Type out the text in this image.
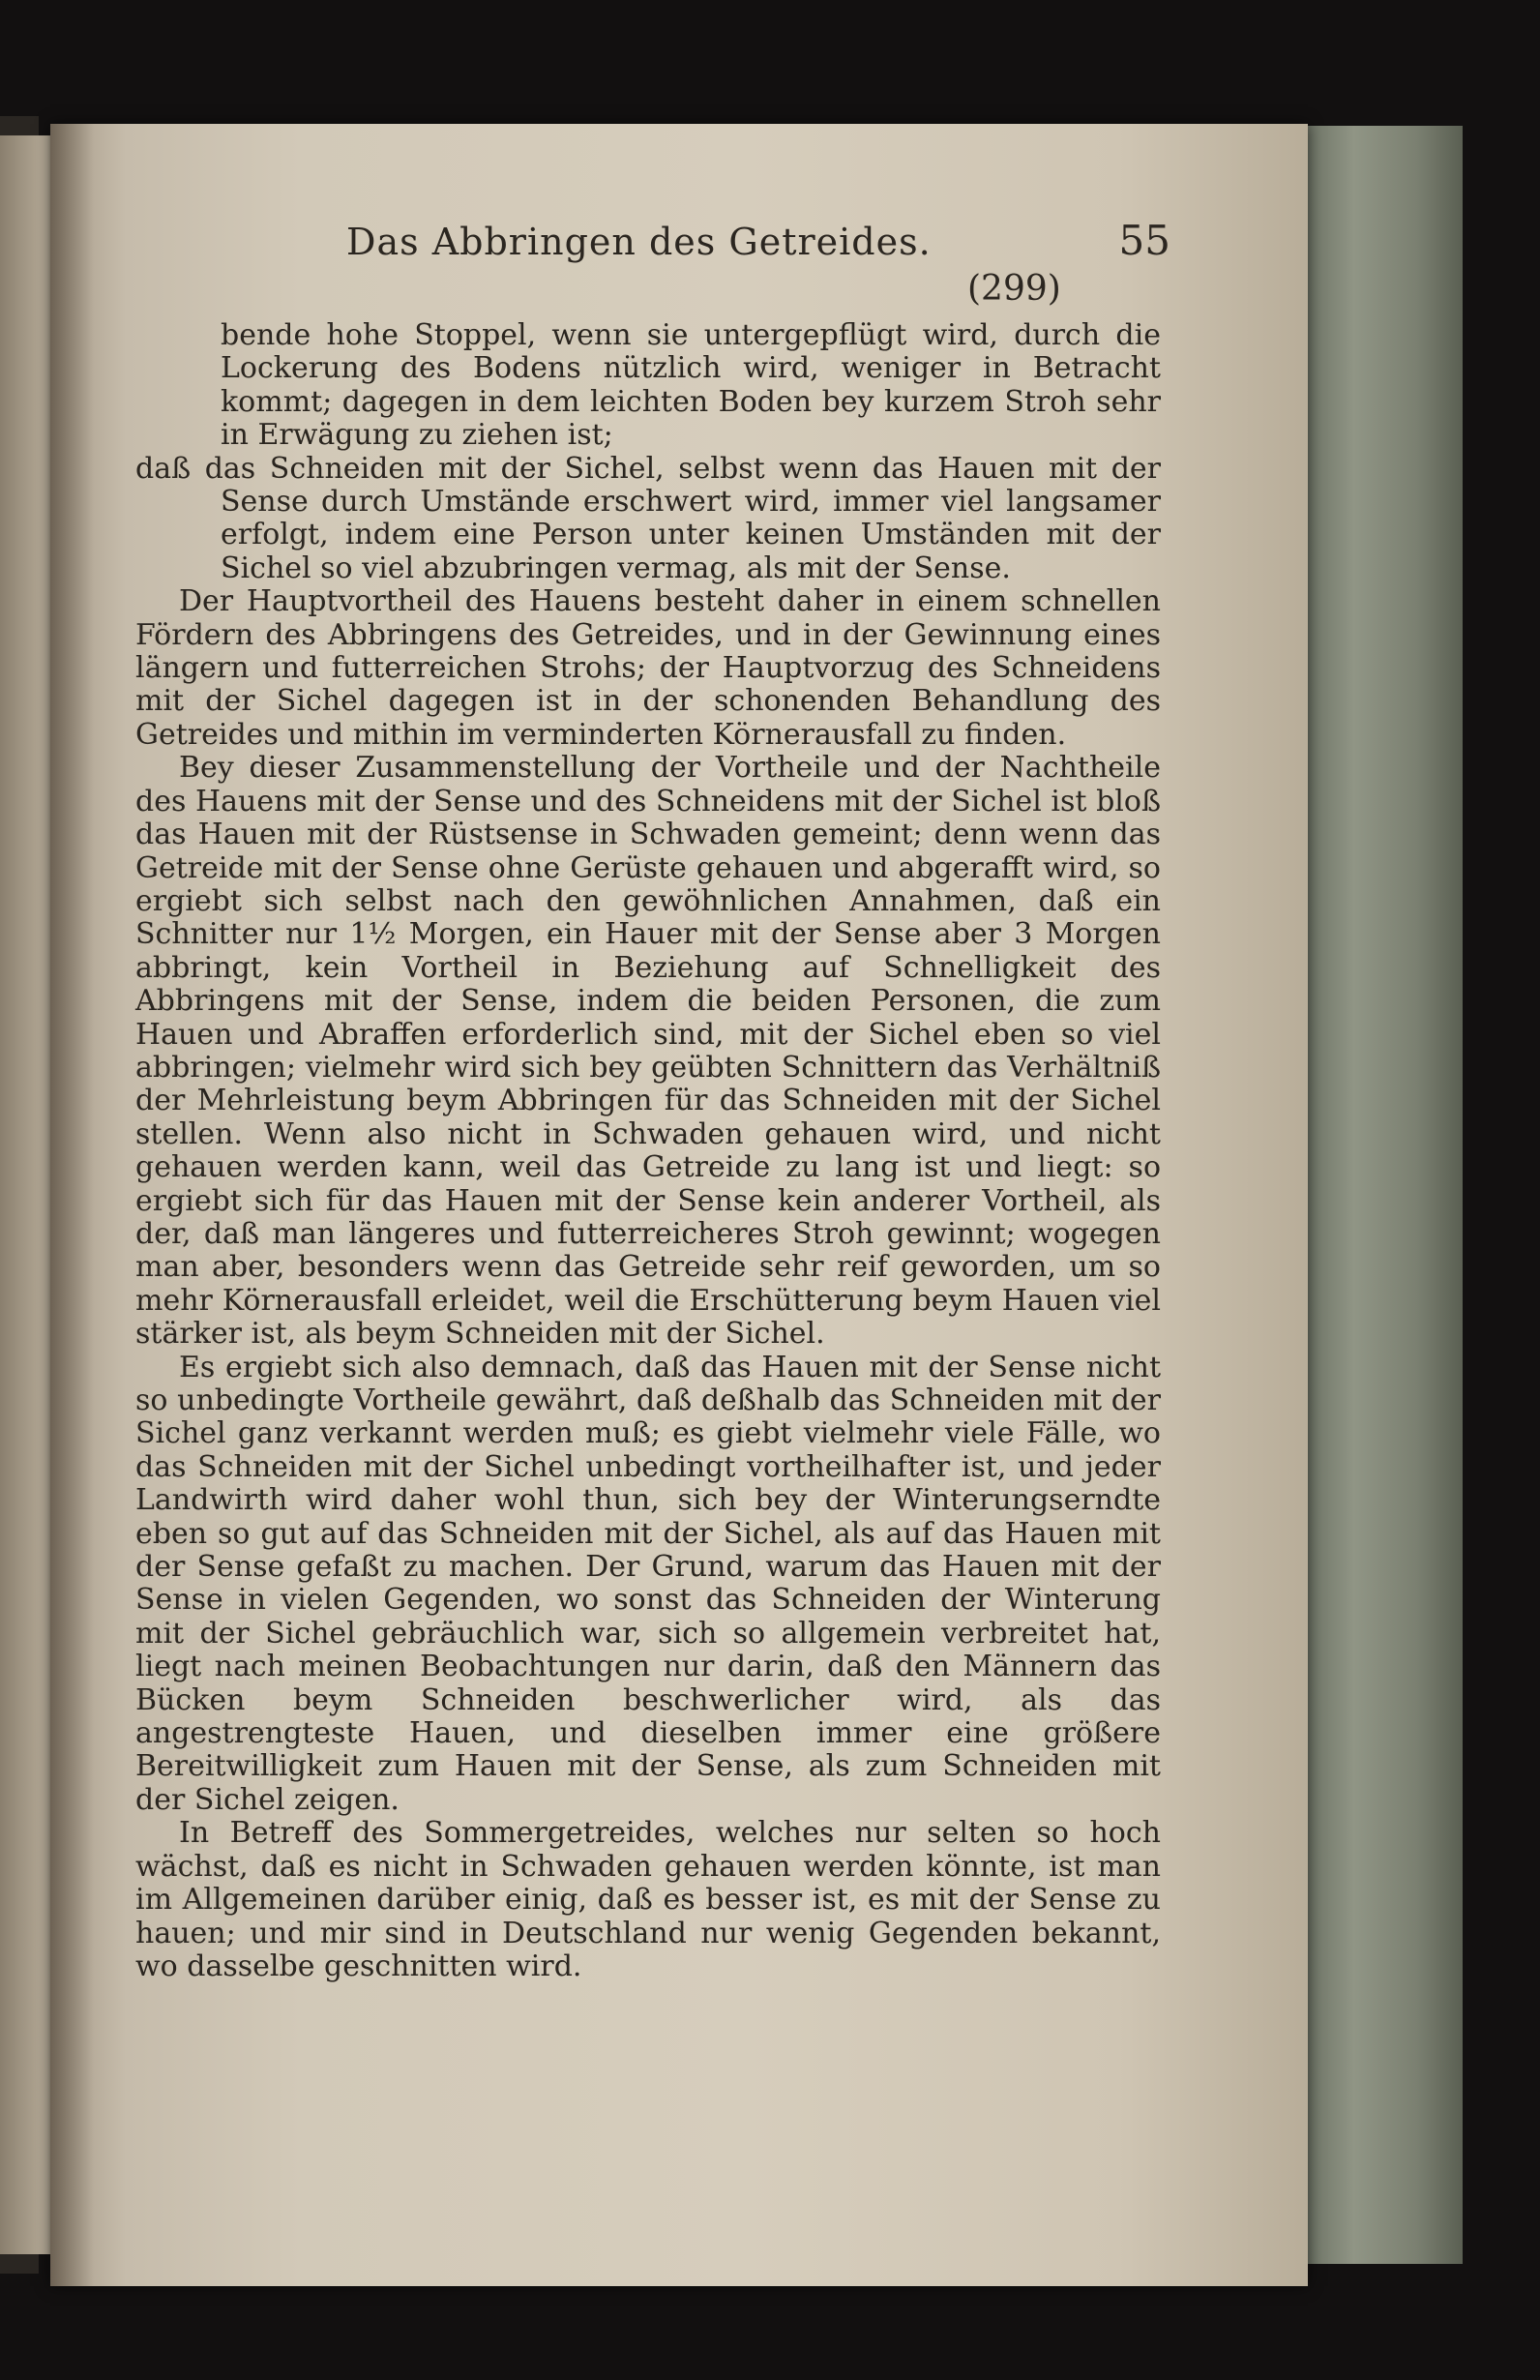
Das Abbringen des Getreides.	55
(299)

bende hohe Stoppel, wenn sie untergepflügt wird, durch die Lockerung des Bodens nützlich wird, weniger in Betracht kommt; dagegen in dem leichten Boden bey kurzem Stroh sehr in Erwägung zu ziehen ist;

daß das Schneiden mit der Sichel, selbst wenn das Hauen mit der Sense durch Umstände erschwert wird, immer viel langsamer erfolgt, indem eine Person unter keinen Umständen mit der Sichel so viel abzubringen vermag, als mit der Sense.

Der Hauptvortheil des Hauens besteht daher in einem schnellen Fördern des Abbringens des Getreides, und in der Gewinnung eines längern und futterreichen Strohs; der Hauptvorzug des Schneidens mit der Sichel dagegen ist in der schonenden Behandlung des Getreides und mithin im verminderten Körnerausfall zu finden.

Bey dieser Zusammenstellung der Vortheile und der Nachtheile des Hauens mit der Sense und des Schneidens mit der Sichel ist bloß das Hauen mit der Rüstsense in Schwaden gemeint; denn wenn das Getreide mit der Sense ohne Gerüste gehauen und abgerafft wird, so ergiebt sich selbst nach den gewöhnlichen Annahmen, daß ein Schnitter nur 1½ Morgen, ein Hauer mit der Sense aber 3 Morgen abbringt, kein Vortheil in Beziehung auf Schnelligkeit des Abbringens mit der Sense, indem die beiden Personen, die zum Hauen und Abraffen erforderlich sind, mit der Sichel eben so viel abbringen; vielmehr wird sich bey geübten Schnittern das Verhältniß der Mehrleistung beym Abbringen für das Schneiden mit der Sichel stellen. Wenn also nicht in Schwaden gehauen wird, und nicht gehauen werden kann, weil das Getreide zu lang ist und liegt: so ergiebt sich für das Hauen mit der Sense kein anderer Vortheil, als der, daß man längeres und futterreicheres Stroh gewinnt; wogegen man aber, besonders wenn das Getreide sehr reif geworden, um so mehr Körnerausfall erleidet, weil die Erschütterung beym Hauen viel stärker ist, als beym Schneiden mit der Sichel.

Es ergiebt sich also demnach, daß das Hauen mit der Sense nicht so unbedingte Vortheile gewährt, daß deßhalb das Schneiden mit der Sichel ganz verkannt werden muß; es giebt vielmehr viele Fälle, wo das Schneiden mit der Sichel unbedingt vortheilhafter ist, und jeder Landwirth wird daher wohl thun, sich bey der Winterungserndte eben so gut auf das Schneiden mit der Sichel, als auf das Hauen mit der Sense gefaßt zu machen. Der Grund, warum das Hauen mit der Sense in vielen Gegenden, wo sonst das Schneiden der Winterung mit der Sichel gebräuchlich war, sich so allgemein verbreitet hat, liegt nach meinen Beobachtungen nur darin, daß den Männern das Bücken beym Schneiden beschwerlicher wird, als das angestrengteste Hauen, und dieselben immer eine größere Bereitwilligkeit zum Hauen mit der Sense, als zum Schneiden mit der Sichel zeigen.

In Betreff des Sommergetreides, welches nur selten so hoch wächst, daß es nicht in Schwaden gehauen werden könnte, ist man im Allgemeinen darüber einig, daß es besser ist, es mit der Sense zu hauen; und mir sind in Deutschland nur wenig Gegenden bekannt, wo dasselbe geschnitten wird.
